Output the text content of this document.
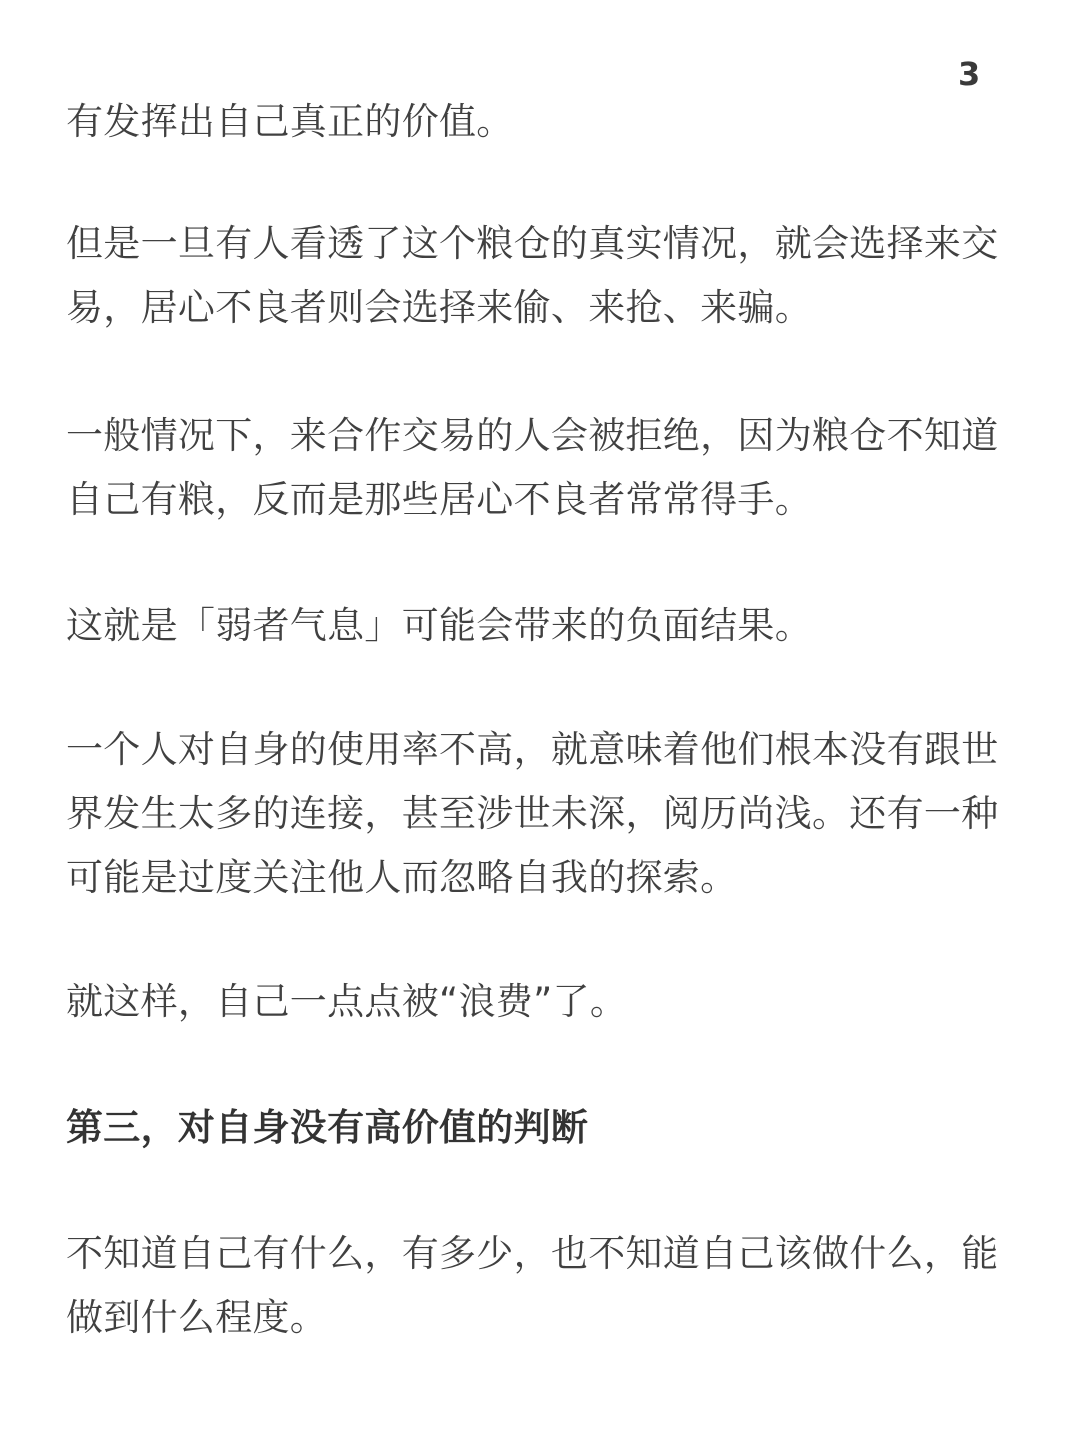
3
有发挥出自己真正的价值。
但是一旦有人看透了这个粮仓的真实情况，就会选择来交
易，居心不良者则会选择来偷、来抢、来骗。
一般情况下，来合作交易的人会被拒绝，因为粮仓不知道
自己有粮，反而是那些居心不良者常常得手。
这就是「弱者气息」可能会带来的负面结果。
一个人对自身的使用率不高，就意味着他们根本没有跟世
界发生太多的连接，甚至涉世未深，阅历尚浅。还有一种
可能是过度关注他人而忽略自我的探索。
就这样，自己一点点被“浪费”了。
第三，对自身没有高价值的判断
不知道自己有什么，有多少，也不知道自己该做什么，能
做到什么程度。
